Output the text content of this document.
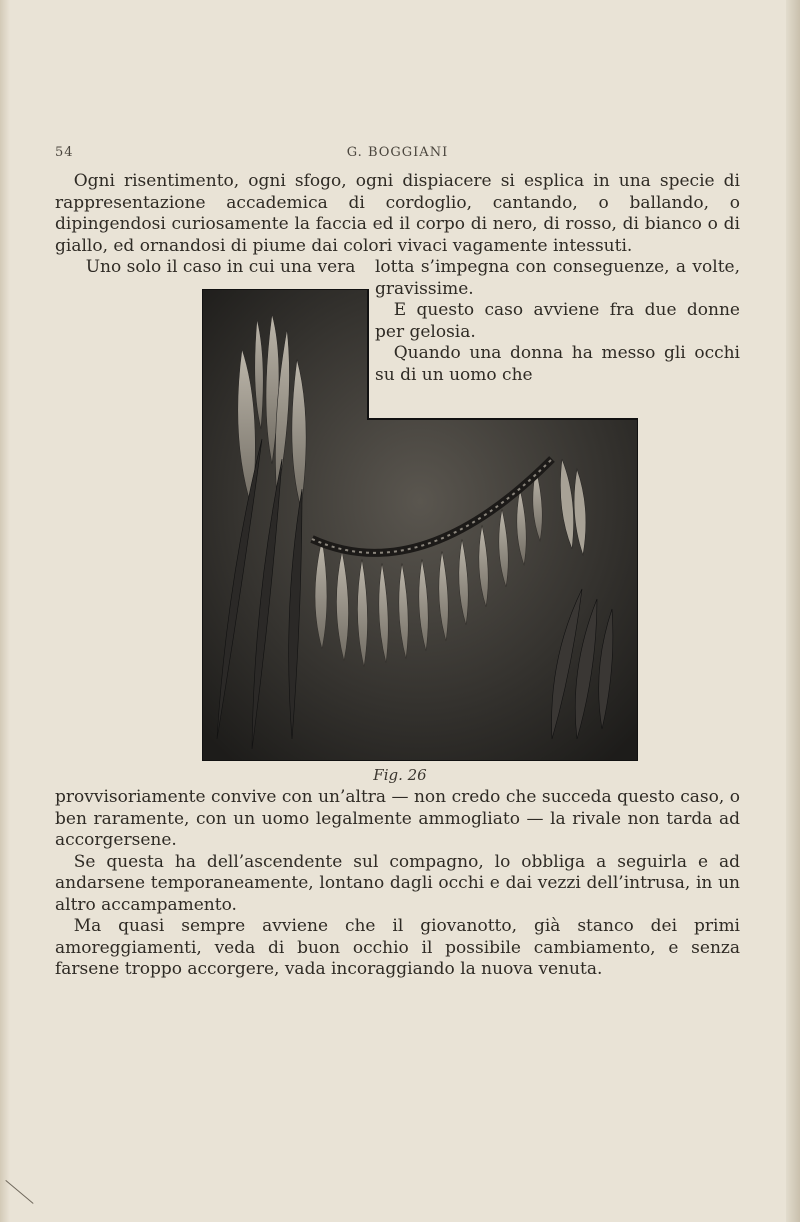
54	G. BOGGIANI

Ogni risentimento, ogni sfogo, ogni dispiacere si esplica in una specie di rappresentazione accademica di cordoglio, cantando, o ballando, o dipingendosi curiosamente la faccia ed il corpo di nero, di rosso, di bianco o di giallo, ed ornandosi di piume dai colori vivaci vagamente intessuti.

Uno solo il caso in cui una vera	lotta s’impegna con conseguenze, a volte, gravissime.

E questo caso avviene fra due donne per gelosia.

Quando una donna ha messo gli occhi su di un uomo che

Fig. 26

provvisoriamente convive con un’altra — non credo che succeda questo caso, o ben raramente, con un uomo legalmente ammogliato — la rivale non tarda ad accorgersene.

Se questa ha dell’ascendente sul compagno, lo obbliga a seguirla e ad andarsene temporaneamente, lontano dagli occhi e dai vezzi dell’intrusa, in un altro accampamento.

Ma quasi sempre avviene che il giovanotto, già stanco dei primi amoreggiamenti, veda di buon occhio il possibile cambiamento, e senza farsene troppo accorgere, vada incoraggiando la nuova venuta.
